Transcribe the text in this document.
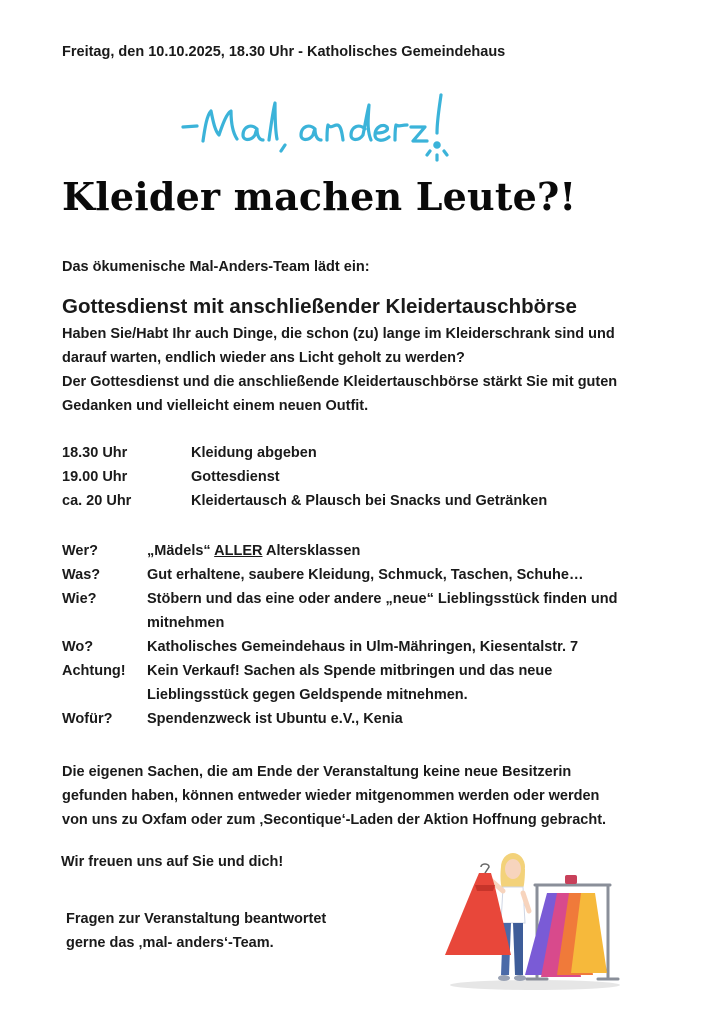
Freitag, den 10.10.2025, 18.30 Uhr - Katholisches Gemeindehaus
-Mal anderz!
Kleider machen Leute?!
Das ökumenische Mal-Anders-Team lädt ein:
Gottesdienst mit anschließender Kleidertauschbörse
Haben Sie/Habt Ihr auch Dinge, die schon (zu) lange im Kleiderschrank sind und
darauf warten, endlich wieder ans Licht geholt zu werden?
Der Gottesdienst und die anschließende Kleidertauschbörse stärkt Sie mit guten
Gedanken und vielleicht einem neuen Outfit.
18.30 Uhr	Kleidung abgeben
19.00 Uhr	Gottesdienst
ca. 20 Uhr	Kleidertausch & Plausch bei Snacks und Getränken
Wer?	„Mädels“ ALLER Altersklassen
Was?	Gut erhaltene, saubere Kleidung, Schmuck, Taschen, Schuhe…
Wie?	Stöbern und das eine oder andere „neue“ Lieblingsstück finden und
mitnehmen
Wo?	Katholisches Gemeindehaus in Ulm-Mähringen, Kiesentalstr. 7
Achtung! Kein Verkauf! Sachen als Spende mitbringen und das neue
Lieblingsstück gegen Geldspende mitnehmen.
Wofür? Spendenzweck ist Ubuntu e.V., Kenia
Die eigenen Sachen, die am Ende der Veranstaltung keine neue Besitzerin
gefunden haben, können entweder wieder mitgenommen werden oder werden
von uns zu Oxfam oder zum ‚Secontique‘-Laden der Aktion Hoffnung gebracht.
Wir freuen uns auf Sie und dich!
Fragen zur Veranstaltung beantwortet
gerne das ‚mal- anders‘-Team.
